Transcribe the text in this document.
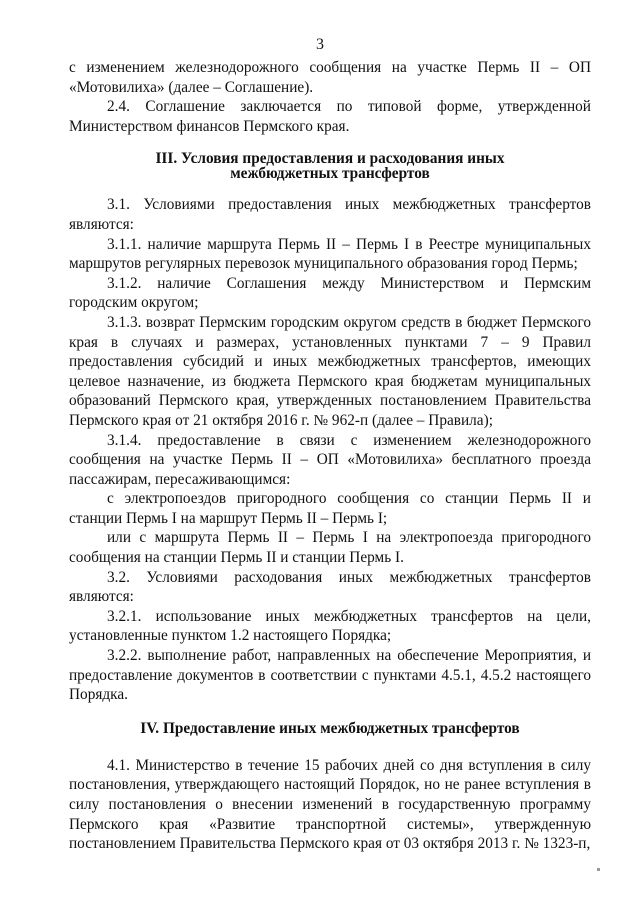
3

с изменением железнодорожного сообщения на участке Пермь II – ОП «Мотовилиха» (далее – Соглашение).

2.4. Соглашение заключается по типовой форме, утвержденной Министерством финансов Пермского края.

III. Условия предоставления и расходования иных
межбюджетных трансфертов

3.1. Условиями предоставления иных межбюджетных трансфертов являются:

3.1.1. наличие маршрута Пермь II – Пермь I в Реестре муниципальных маршрутов регулярных перевозок муниципального образования город Пермь;

3.1.2. наличие Соглашения между Министерством и Пермским городским округом;

3.1.3. возврат Пермским городским округом средств в бюджет Пермского края в случаях и размерах, установленных пунктами 7 – 9 Правил предоставления субсидий и иных межбюджетных трансфертов, имеющих целевое назначение, из бюджета Пермского края бюджетам муниципальных образований Пермского края, утвержденных постановлением Правительства Пермского края от 21 октября 2016 г. № 962-п (далее – Правила);

3.1.4. предоставление в связи с изменением железнодорожного сообщения на участке Пермь II – ОП «Мотовилиха» бесплатного проезда пассажирам, пересаживающимся:

с электропоездов пригородного сообщения со станции Пермь II и станции Пермь I на маршрут Пермь II – Пермь I;

или с маршрута Пермь II – Пермь I на электропоезда пригородного сообщения на станции Пермь II и станции Пермь I.

3.2. Условиями расходования иных межбюджетных трансфертов являются:

3.2.1. использование иных межбюджетных трансфертов на цели, установленные пунктом 1.2 настоящего Порядка;

3.2.2. выполнение работ, направленных на обеспечение Мероприятия, и предоставление документов в соответствии с пунктами 4.5.1, 4.5.2 настоящего Порядка.

IV. Предоставление иных межбюджетных трансфертов

4.1. Министерство в течение 15 рабочих дней со дня вступления в силу постановления, утверждающего настоящий Порядок, но не ранее вступления в силу постановления о внесении изменений в государственную программу Пермского края «Развитие транспортной системы», утвержденную постановлением Правительства Пермского края от 03 октября 2013 г. № 1323-п,
